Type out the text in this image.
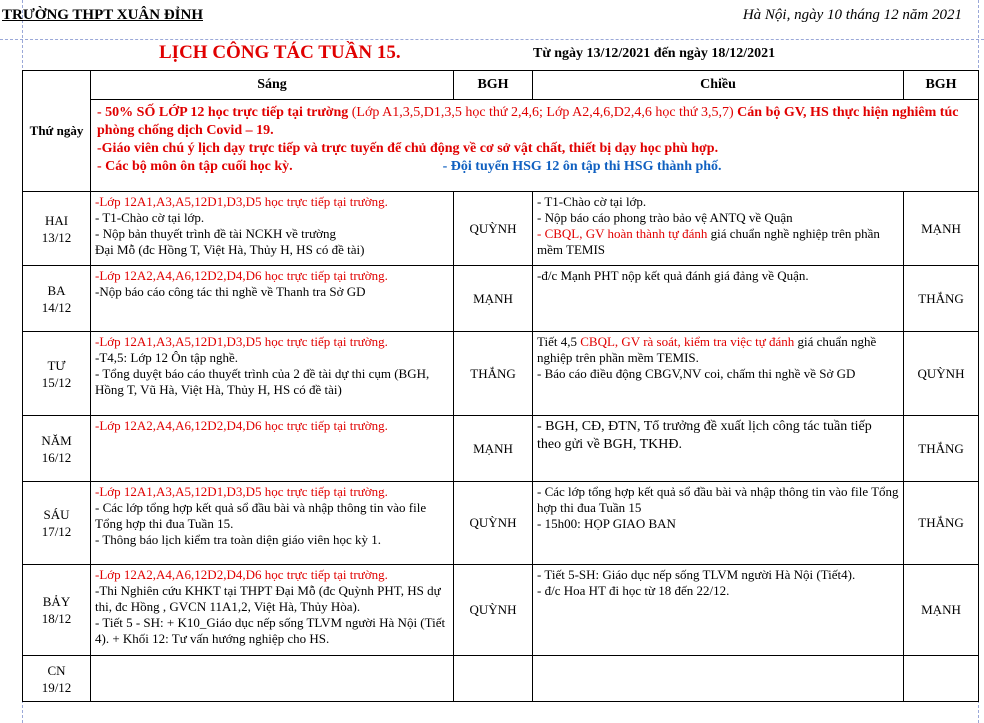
TRƯỜNG THPT XUÂN ĐỈNH	Hà Nội, ngày 10 tháng 12 năm 2021
LỊCH CÔNG TÁC TUẦN 15.	Từ ngày 13/12/2021 đến ngày 18/12/2021
Thứ ngày	Sáng	BGH	Chiều	BGH
	- 50% SỐ LỚP 12 học trực tiếp tại trường (Lớp A1,3,5,D1,3,5 học thứ 2,4,6; Lớp A2,4,6,D2,4,6 học thứ 3,5,7) Cán bộ GV, HS thực hiện nghiêm túc phòng chống dịch Covid – 19.
-Giáo viên chú ý lịch dạy trực tiếp và trực tuyến để chủ động về cơ sở vật chất, thiết bị dạy học phù hợp.
- Các bộ môn ôn tập cuối học kỳ. - Đội tuyển HSG 12 ôn tập thi HSG thành phố.			

HAI
13/12	-Lớp 12A1,A3,A5,12D1,D3,D5 học trực tiếp tại trường.
- T1-Chào cờ tại lớp.
- Nộp bản thuyết trình đề tài NCKH về trường
Đại Mỗ (đc Hồng T, Việt Hà, Thủy H, HS có đề tài)	QUỲNH	- T1-Chào cờ tại lớp.
- Nộp báo cáo phong trào bảo vệ ANTQ về Quận
- CBQL, GV hoàn thành tự đánh giá chuẩn nghề nghiệp trên phần mềm TEMIS	MẠNH

BA
14/12	-Lớp 12A2,A4,A6,12D2,D4,D6 học trực tiếp tại trường.
-Nộp báo cáo công tác thi nghề về Thanh tra Sở GD	MẠNH	-đ/c Mạnh PHT nộp kết quả đánh giá đảng về Quận.	THẮNG

TƯ
15/12	-Lớp 12A1,A3,A5,12D1,D3,D5 học trực tiếp tại trường.
-T4,5: Lớp 12 Ôn tập nghề.
- Tổng duyệt báo cáo thuyết trình của 2 đề tài dự thi cụm (BGH, Hồng T, Vũ Hà, Việt Hà, Thủy H, HS có đề tài)	THẮNG	Tiết 4,5 CBQL, GV rà soát, kiểm tra việc tự đánh giá chuẩn nghề nghiệp trên phần mềm TEMIS.
- Báo cáo điều động CBGV,NV coi, chấm thi nghề về Sở GD	QUỲNH

NĂM
16/12	-Lớp 12A2,A4,A6,12D2,D4,D6 học trực tiếp tại trường.	MẠNH	- BGH, CĐ, ĐTN, Tổ trưởng đề xuất lịch công tác tuần tiếp theo gửi về BGH, TKHĐ.	THẮNG

SÁU
17/12	-Lớp 12A1,A3,A5,12D1,D3,D5 học trực tiếp tại trường.
- Các lớp tổng hợp kết quả sổ đầu bài và nhập thông tin vào file Tổng hợp thi đua Tuần 15.
- Thông báo lịch kiểm tra toàn diện giáo viên học kỳ 1.	QUỲNH	- Các lớp tổng hợp kết quả sổ đầu bài và nhập thông tin vào file Tổng hợp thi đua Tuần 15
- 15h00: HỌP GIAO BAN	THẮNG

BẢY
18/12	-Lớp 12A2,A4,A6,12D2,D4,D6 học trực tiếp tại trường.
-Thi Nghiên cứu KHKT tại THPT Đại Mỗ (đc Quỳnh PHT, HS dự thi, đc Hồng , GVCN 11A1,2, Việt Hà, Thủy Hòa).
- Tiết 5 - SH: + K10_Giáo dục nếp sống TLVM người Hà Nội (Tiết 4). + Khối 12: Tư vấn hướng nghiệp cho HS.	QUỲNH	- Tiết 5-SH: Giáo dục nếp sống TLVM người Hà Nội (Tiết4).
- đ/c Hoa HT đi học từ 18 đến 22/12.	MẠNH

CN
19/12				
